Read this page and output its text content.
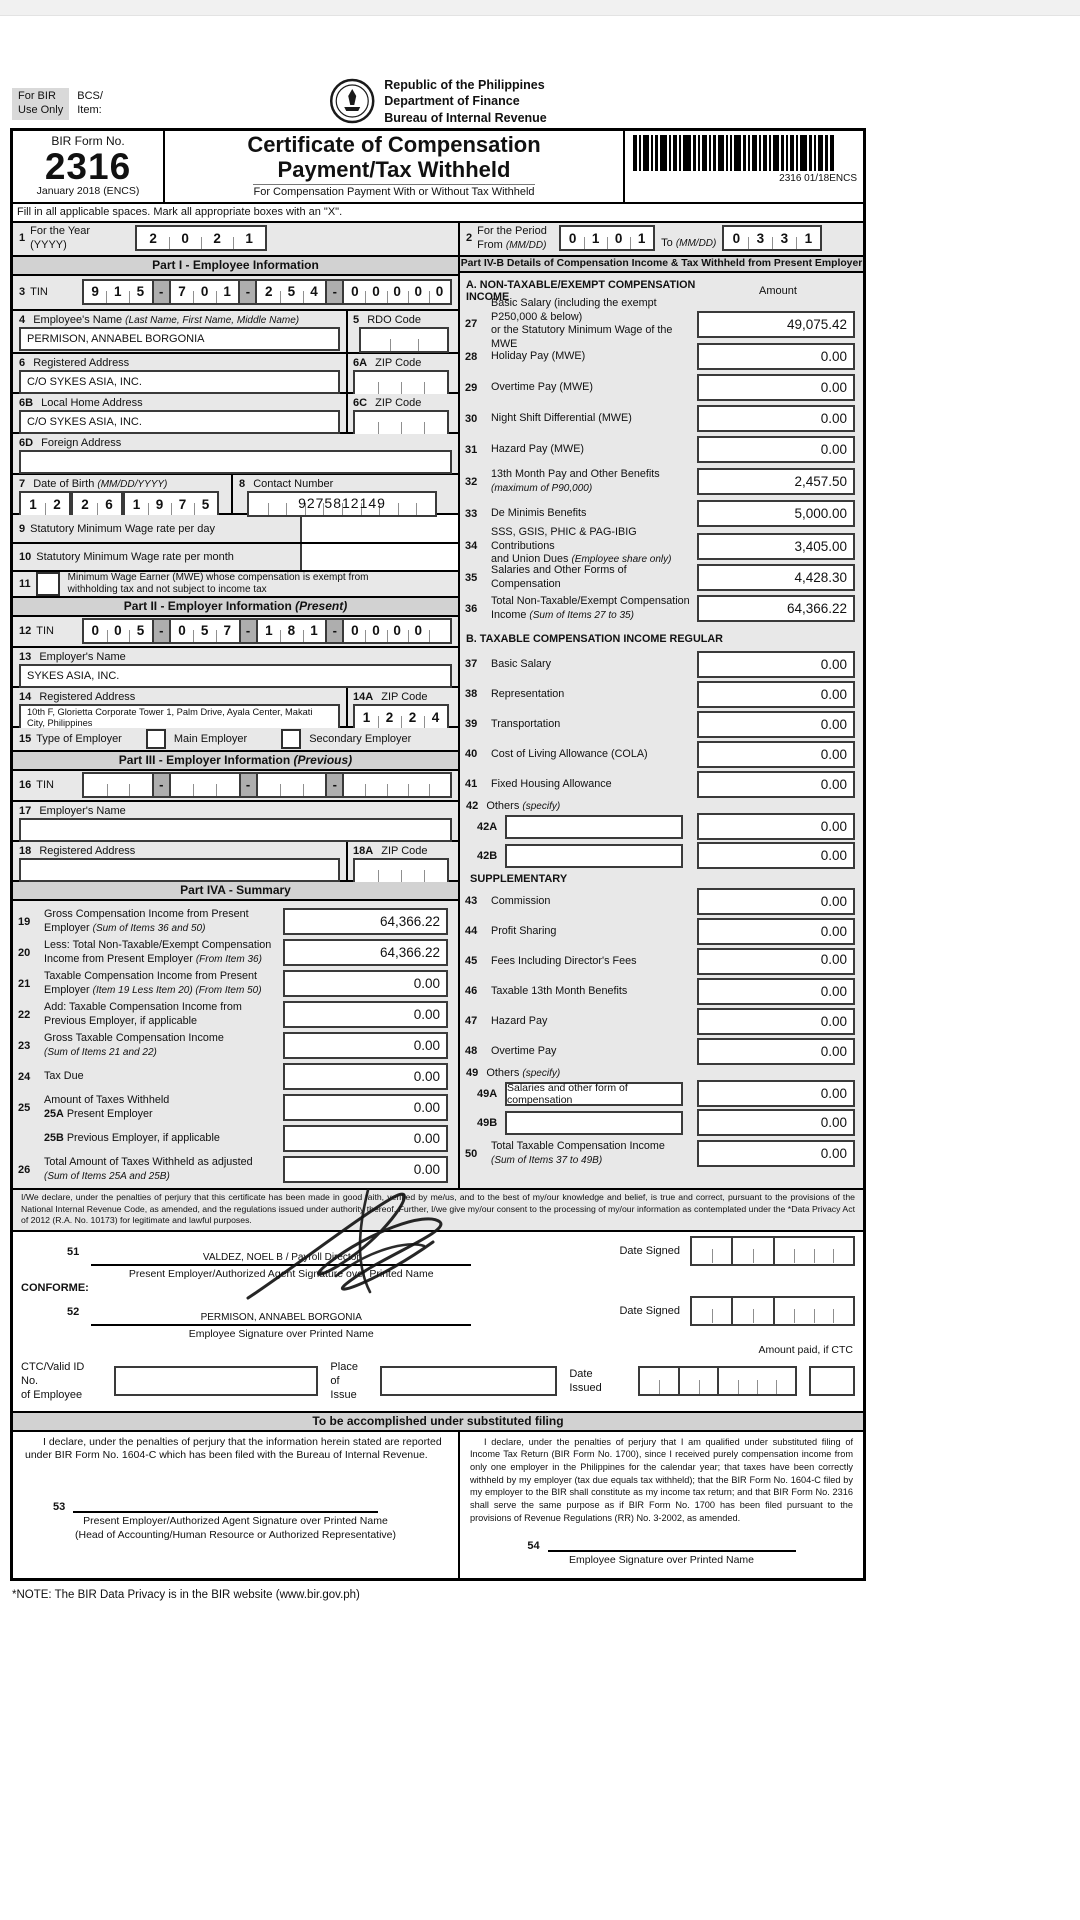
For BIR
Use Only
BCS/
Item:
Republic of the Philippines
Department of Finance
Bureau of Internal Revenue
BIR Form No.
2316
January 2018 (ENCS)
Certificate of Compensation
Payment/Tax Withheld
For Compensation Payment With or Without Tax Withheld
2316 01/18ENCS
Fill in all applicable spaces. Mark all appropriate boxes with an "X".
1
For the Year
(YYYY)	2	0	2	1
Part I - Employee Information
3 TIN	9	1	5 -	7	0	1 -	2	5	4 -	0	0	0	0	0
4 Employee's Name (Last Name, First Name, Middle Name)
PERMISON, ANNABEL BORGONIA
5 RDO Code
6 Registered Address
C/O SYKES ASIA, INC.
6A ZIP Code
6B Local Home Address
C/O SYKES ASIA, INC.
6C ZIP Code
6D Foreign Address
7 Date of Birth (MM/DD/YYYY)
1	2	2	6	1	9	7	5
8 Contact Number
9275812149
9 Statutory Minimum Wage rate per day
10 Statutory Minimum Wage rate per month
11
Minimum Wage Earner (MWE) whose compensation is exempt from
withholding tax and not subject to income tax
Part II - Employer Information (Present)
12 TIN	0	0	5 -	0	5	7 -	1	8	1 -	0	0	0	0
13 Employer's Name
SYKES ASIA, INC.
14 Registered Address
10th F, Glorietta Corporate Tower 1, Palm Drive, Ayala Center, Makati City, Philippines
14A ZIP Code
1	2	2	4
15 Type of Employer	Main Employer	Secondary Employer
Part III - Employer Information (Previous)
16 TIN
-
-
-
17 Employer's Name
18 Registered Address	18A ZIP Code
Part IVA - Summary
19
Gross Compensation Income from Present
Employer (Sum of Items 36 and 50)	64,366.22
20
Less: Total Non-Taxable/Exempt Compensation
Income from Present Employer (From Item 36)	64,366.22
21
Taxable Compensation Income from Present
Employer (Item 19 Less Item 20) (From Item 50)	0.00
22
Add: Taxable Compensation Income from
Previous Employer, if applicable	0.00
23
Gross Taxable Compensation Income
(Sum of Items 21 and 22)	0.00
24	Tax Due	0.00
25
Amount of Taxes Withheld
25A Present Employer	0.00
25B Previous Employer, if applicable	0.00
26
Total Amount of Taxes Withheld as adjusted
(Sum of Items 25A and 25B)	0.00
2
For the Period
From (MM/DD)	0	1	0	1	To (MM/DD)	0	3	3	1
Part IV-B Details of Compensation Income & Tax Withheld from Present Employer
A. NON-TAXABLE/EXEMPT COMPENSATION INCOME	Amount
27
Basic Salary (including the exempt P250,000 & below)
or the Statutory Minimum Wage of the MWE
49,075.42
28	Holiday Pay (MWE)	0.00
29	Overtime Pay (MWE)	0.00
30	Night Shift Differential (MWE)	0.00
31	Hazard Pay (MWE)	0.00
32
13th Month Pay and Other Benefits
(maximum of P90,000)	2,457.50
33	De Minimis Benefits	5,000.00
34
SSS, GSIS, PHIC & PAG-IBIG Contributions
and Union Dues (Employee share only)
3,405.00
35
Salaries and Other Forms of Compensation	4,428.30
36
Total Non-Taxable/Exempt Compensation
Income (Sum of Items 27 to 35)	64,366.22
B. TAXABLE COMPENSATION INCOME REGULAR
37	Basic Salary	0.00
38	Representation	0.00
39	Transportation	0.00
40	Cost of Living Allowance (COLA)	0.00
41	Fixed Housing Allowance	0.00
42 Others (specify)
42A	0.00
42B	0.00
SUPPLEMENTARY
43	Commission	0.00
44	Profit Sharing	0.00
45	Fees Including Director's Fees	0.00
46	Taxable 13th Month Benefits	0.00
47	Hazard Pay	0.00
48	Overtime Pay	0.00
49 Others (specify)
49A Salaries and other form of compensation	0.00
49B	0.00
50
Total Taxable Compensation Income
(Sum of Items 37 to 49B)	0.00
I/We declare, under the penalties of perjury that this certificate has been made in good faith, verified by me/us, and to the best of my/our knowledge and belief, is true and correct, pursuant to the provisions of the National Internal Revenue Code, as amended, and the regulations issued under authority thereof. Further, I/we give my/our consent to the processing of my/our information as contemplated under the *Data Privacy Act of 2012 (R.A. No. 10173) for legitimate and lawful purposes.
51	VALDEZ, NOEL B / Payroll Director
Present Employer/Authorized Agent Signature over Printed Name
Date Signed
CONFORME:
52	PERMISON, ANNABEL BORGONIA
Employee Signature over Printed Name
Date Signed
Amount paid, if CTC
CTC/Valid ID No.
of Employee
Place of
Issue
Date Issued
To be accomplished under substituted filing
I declare, under the penalties of perjury that the information herein stated are reported under BIR Form No. 1604-C which has been filed with the Bureau of Internal Revenue.
53
Present Employer/Authorized Agent Signature over Printed Name
(Head of Accounting/Human Resource or Authorized Representative)
I declare, under the penalties of perjury that I am qualified under substituted filing of Income Tax Return (BIR Form No. 1700), since I received purely compensation income from only one employer in the Philippines for the calendar year; that taxes have been correctly withheld by my employer (tax due equals tax withheld); that the BIR Form No. 1604-C filed by my employer to the BIR shall constitute as my income tax return; and that BIR Form No. 2316 shall serve the same purpose as if BIR Form No. 1700 has been filed pursuant to the provisions of Revenue Regulations (RR) No. 3-2002, as amended.
54
Employee Signature over Printed Name
*NOTE: The BIR Data Privacy is in the BIR website (www.bir.gov.ph)
